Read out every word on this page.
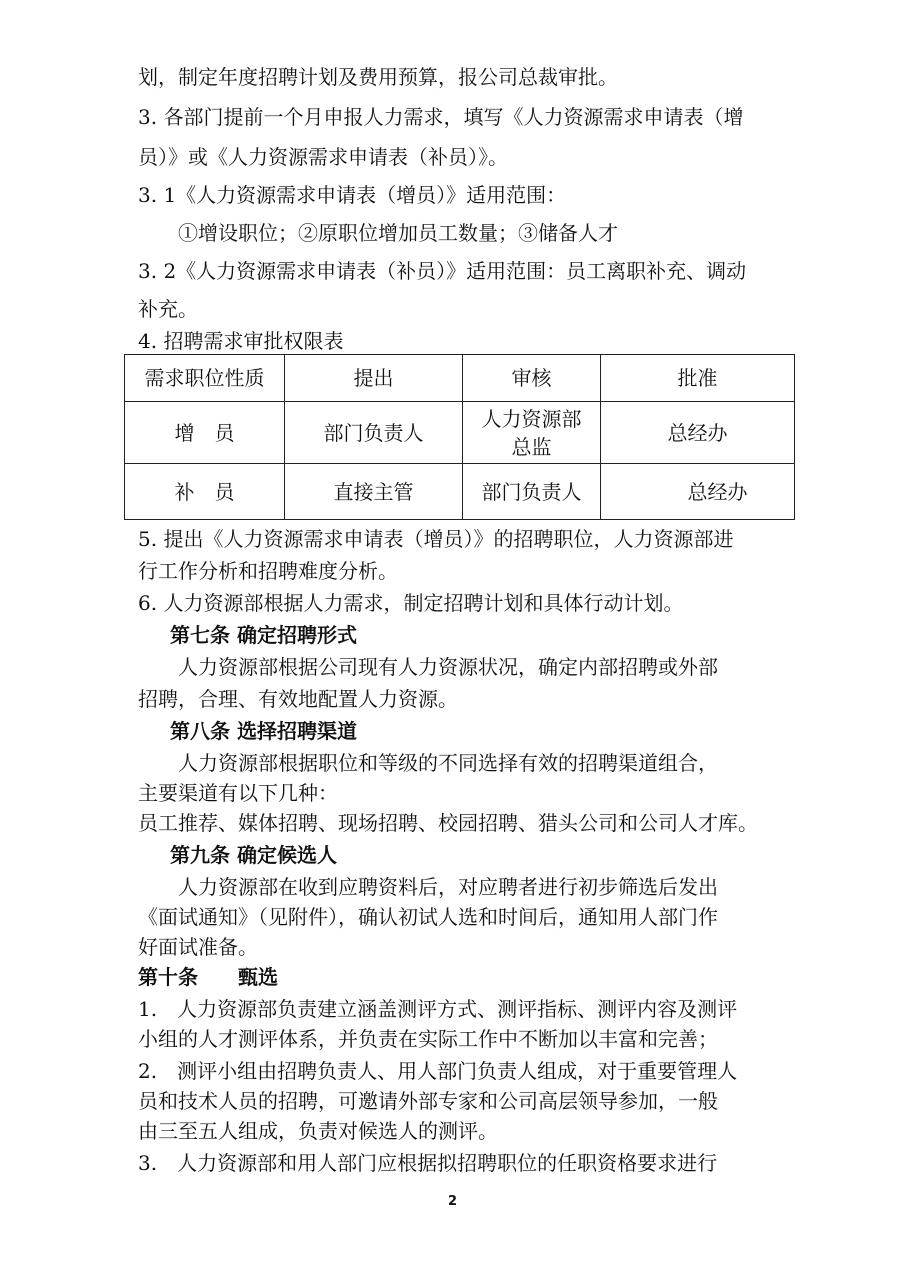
划，制定年度招聘计划及费用预算，报公司总裁审批。
3. 各部门提前一个月申报人力需求，填写《人力资源需求申请表（增
员）》或《人力资源需求申请表（补员）》。
3. 1《人力资源需求申请表（增员）》适用范围：
①增设职位；②原职位增加员工数量；③储备人才
3. 2《人力资源需求申请表（补员）》适用范围：员工离职补充、调动
补充。
4. 招聘需求审批权限表
需求职位性质	提出	审核	批准
增　员	部门负责人	人力资源部总监	总经办
补　员	直接主管	部门负责人	总经办
5. 提出《人力资源需求申请表（增员）》的招聘职位，人力资源部进
行工作分析和招聘难度分析。
6. 人力资源部根据人力需求，制定招聘计划和具体行动计划。
第七条 确定招聘形式
人力资源部根据公司现有人力资源状况，确定内部招聘或外部
招聘，合理、有效地配置人力资源。
第八条 选择招聘渠道
人力资源部根据职位和等级的不同选择有效的招聘渠道组合，
主要渠道有以下几种：
员工推荐、媒体招聘、现场招聘、校园招聘、猎头公司和公司人才库。
第九条 确定候选人
人力资源部在收到应聘资料后，对应聘者进行初步筛选后发出
《面试通知》（见附件），确认初试人选和时间后，通知用人部门作
好面试准备。
第十条　　甄选
1.　人力资源部负责建立涵盖测评方式、测评指标、测评内容及测评
小组的人才测评体系，并负责在实际工作中不断加以丰富和完善；
2.　测评小组由招聘负责人、用人部门负责人组成，对于重要管理人
员和技术人员的招聘，可邀请外部专家和公司高层领导参加，一般
由三至五人组成，负责对候选人的测评。
3.　人力资源部和用人部门应根据拟招聘职位的任职资格要求进行
2
